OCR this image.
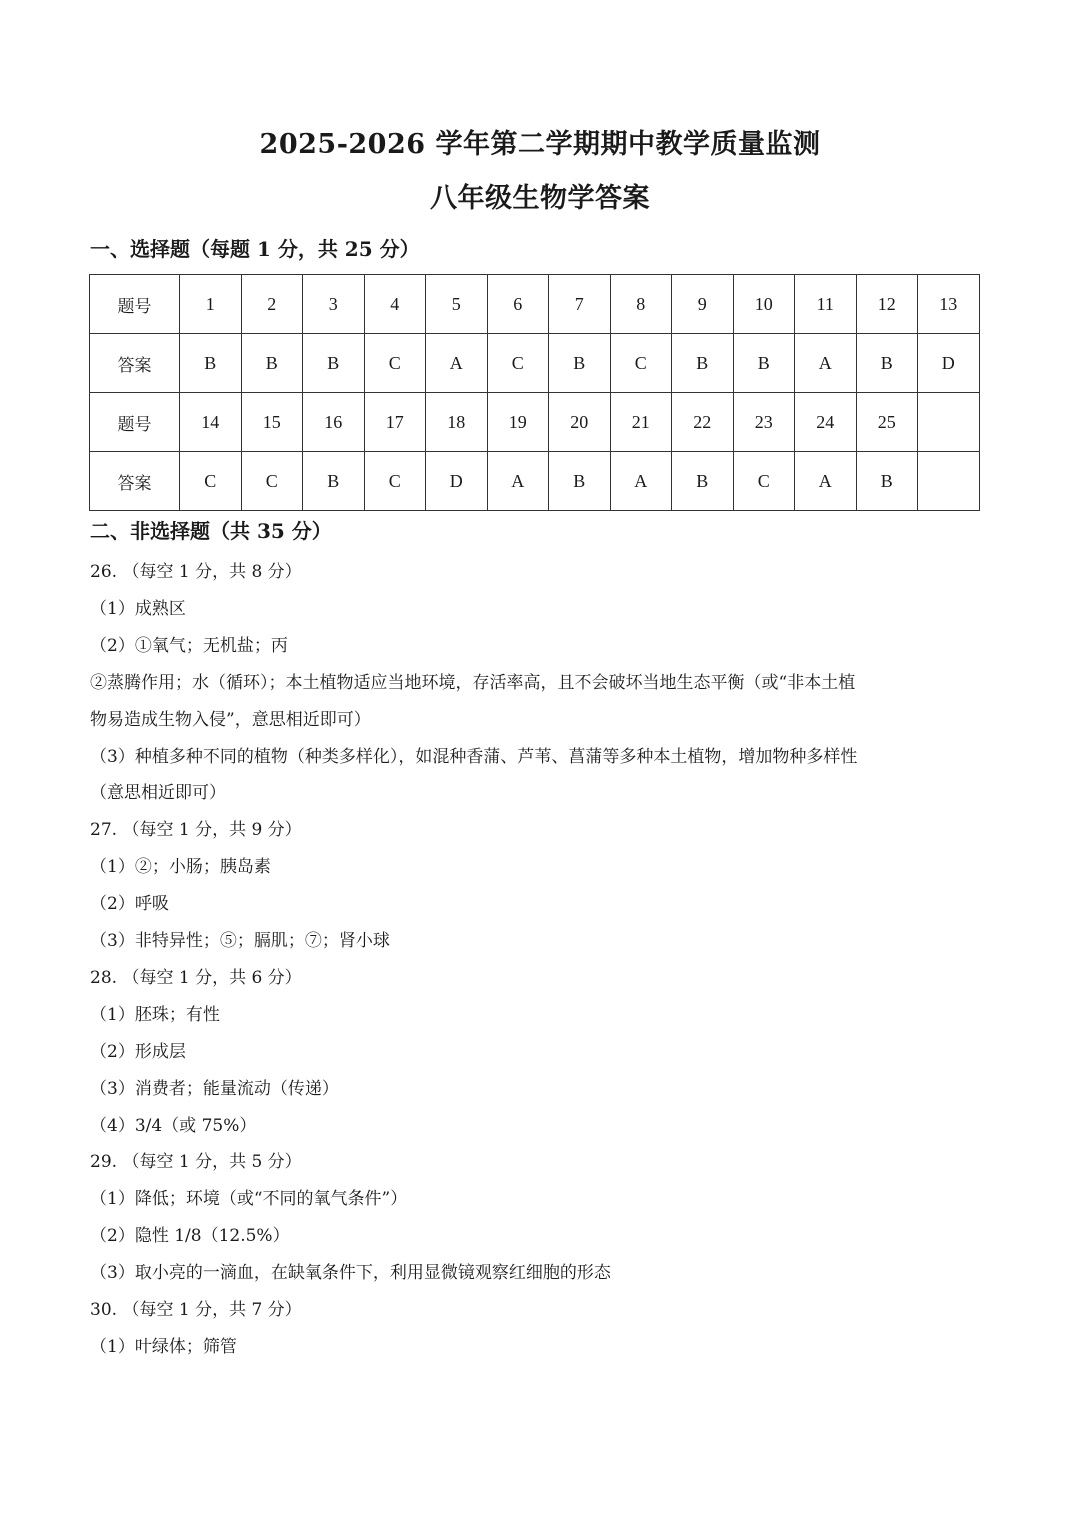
2025-2026 学年第二学期期中教学质量监测
八年级生物学答案
一、选择题（每题 1 分，共 25 分）
题号	1	2	3	4	5	6	7	8	9	10	11	12	13
答案	B	B	B	C	A	C	B	C	B	B	A	B	D
题号	14	15	16	17	18	19	20	21	22	23	24	25	
答案	C	C	B	C	D	A	B	A	B	C	A	B	
二、非选择题（共 35 分）
26. （每空 1 分，共 8 分）
（1）成熟区
（2）①氧气；无机盐；丙
②蒸腾作用；水（循环）；本土植物适应当地环境，存活率高，且不会破坏当地生态平衡（或“非本土植
物易造成生物入侵”，意思相近即可）
（3）种植多种不同的植物（种类多样化），如混种香蒲、芦苇、菖蒲等多种本土植物，增加物种多样性
（意思相近即可）
27. （每空 1 分，共 9 分）
（1）②；小肠；胰岛素
（2）呼吸
（3）非特异性；⑤；膈肌；⑦；肾小球
28. （每空 1 分，共 6 分）
（1）胚珠；有性
（2）形成层
（3）消费者；能量流动（传递）
（4）3/4（或 75%）
29. （每空 1 分，共 5 分）
（1）降低；环境（或“不同的氧气条件”）
（2）隐性 1/8（12.5%）
（3）取小亮的一滴血，在缺氧条件下，利用显微镜观察红细胞的形态
30. （每空 1 分，共 7 分）
（1）叶绿体；筛管
